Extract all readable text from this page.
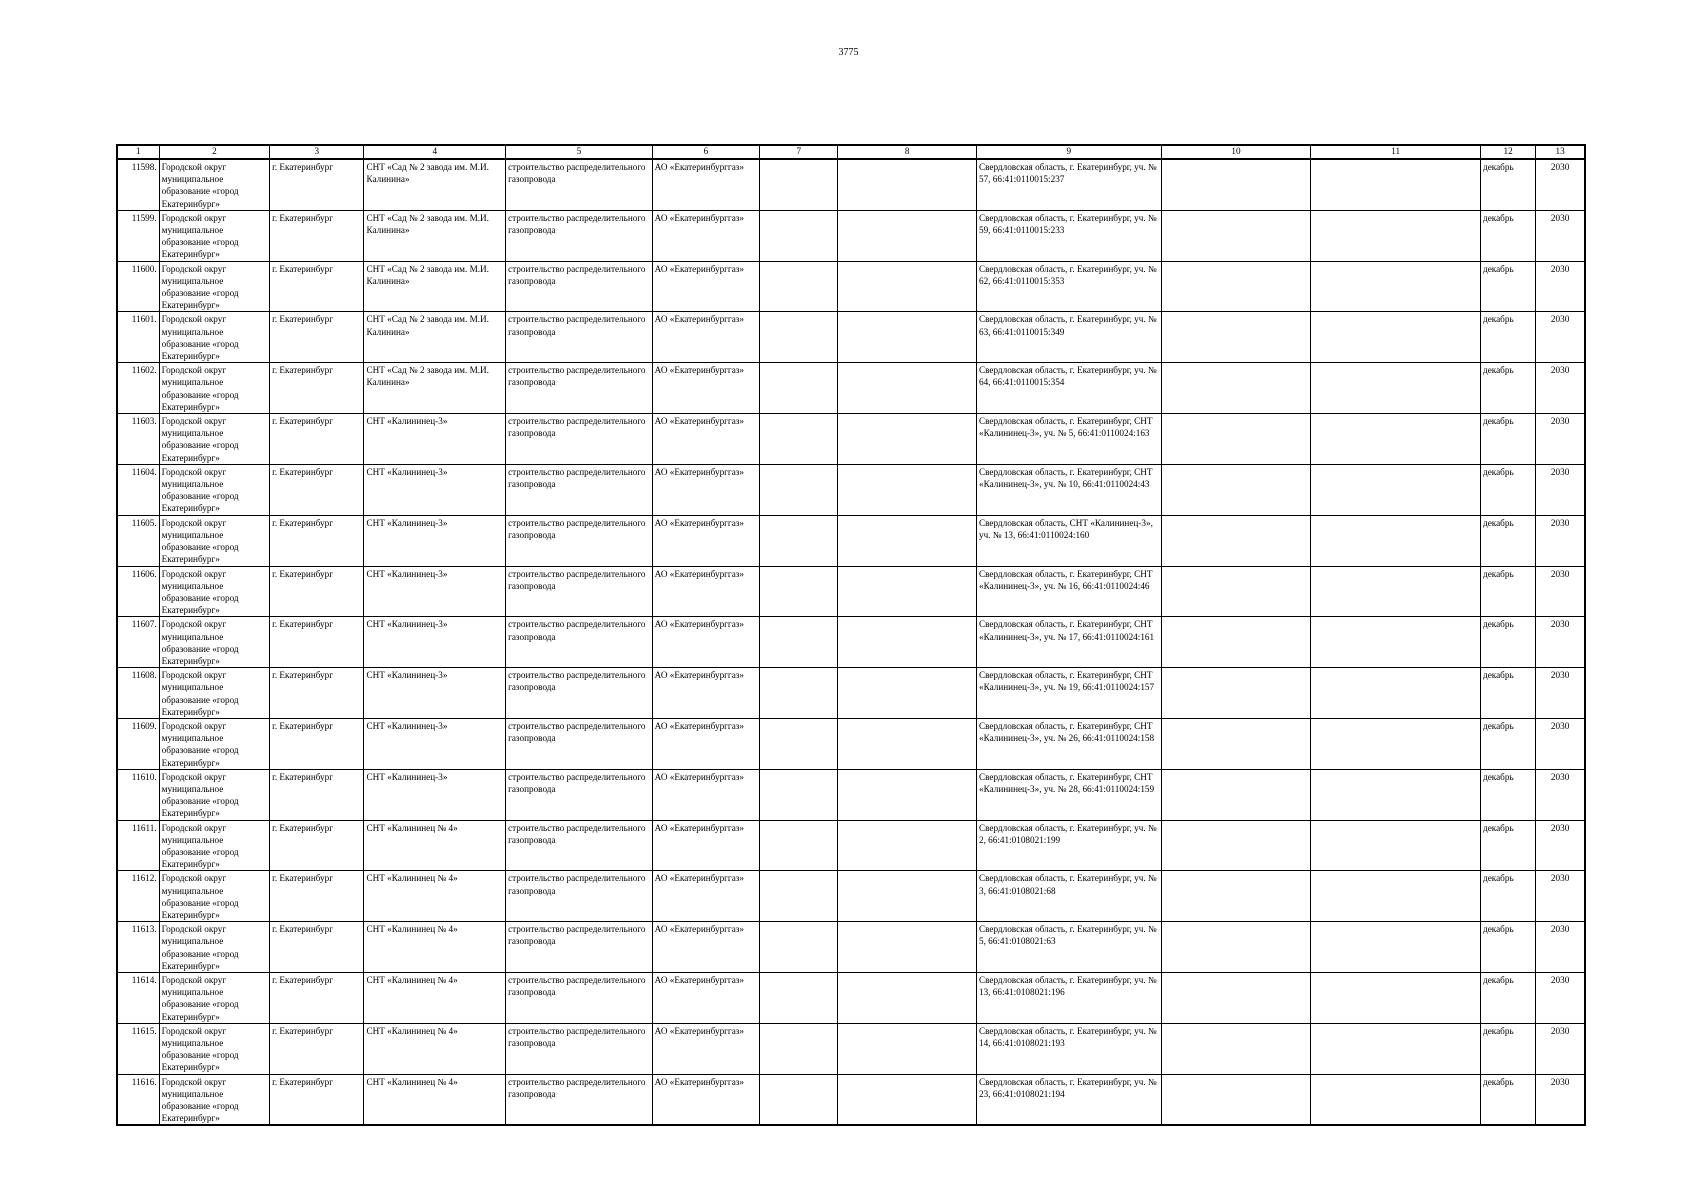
3775
1	2	3	4	5	6	7	8	9	10	11	12	13
11598.	Городской округ муниципальное образование «город Екатеринбург»	г. Екатеринбург	СНТ «Сад № 2 завода им. М.И. Калинина»	строительство распределительного газопровода	АО «Екатеринбурггаз»			Свердловская область, г. Екатеринбург, уч. № 57, 66:41:0110015:237			декабрь	2030
11599.	Городской округ муниципальное образование «город Екатеринбург»	г. Екатеринбург	СНТ «Сад № 2 завода им. М.И. Калинина»	строительство распределительного газопровода	АО «Екатеринбурггаз»			Свердловская область, г. Екатеринбург, уч. № 59, 66:41:0110015:233			декабрь	2030
11600.	Городской округ муниципальное образование «город Екатеринбург»	г. Екатеринбург	СНТ «Сад № 2 завода им. М.И. Калинина»	строительство распределительного газопровода	АО «Екатеринбурггаз»			Свердловская область, г. Екатеринбург, уч. № 62, 66:41:0110015:353			декабрь	2030
11601.	Городской округ муниципальное образование «город Екатеринбург»	г. Екатеринбург	СНТ «Сад № 2 завода им. М.И. Калинина»	строительство распределительного газопровода	АО «Екатеринбурггаз»			Свердловская область, г. Екатеринбург, уч. № 63, 66:41:0110015:349			декабрь	2030
11602.	Городской округ муниципальное образование «город Екатеринбург»	г. Екатеринбург	СНТ «Сад № 2 завода им. М.И. Калинина»	строительство распределительного газопровода	АО «Екатеринбурггаз»			Свердловская область, г. Екатеринбург, уч. № 64, 66:41:0110015:354			декабрь	2030
11603.	Городской округ муниципальное образование «город Екатеринбург»	г. Екатеринбург	СНТ «Калининец-3»	строительство распределительного газопровода	АО «Екатеринбурггаз»			Свердловская область, г. Екатеринбург, СНТ «Калининец-3», уч. № 5, 66:41:0110024:163			декабрь	2030
11604.	Городской округ муниципальное образование «город Екатеринбург»	г. Екатеринбург	СНТ «Калининец-3»	строительство распределительного газопровода	АО «Екатеринбурггаз»			Свердловская область, г. Екатеринбург, СНТ «Калининец-3», уч. № 10, 66:41:0110024:43			декабрь	2030
11605.	Городской округ муниципальное образование «город Екатеринбург»	г. Екатеринбург	СНТ «Калининец-3»	строительство распределительного газопровода	АО «Екатеринбурггаз»			Свердловская область, СНТ «Калининец-3», уч. № 13, 66:41:0110024:160			декабрь	2030
11606.	Городской округ муниципальное образование «город Екатеринбург»	г. Екатеринбург	СНТ «Калининец-3»	строительство распределительного газопровода	АО «Екатеринбурггаз»			Свердловская область, г. Екатеринбург, СНТ «Калининец-3», уч. № 16, 66:41:0110024:46			декабрь	2030
11607.	Городской округ муниципальное образование «город Екатеринбург»	г. Екатеринбург	СНТ «Калининец-3»	строительство распределительного газопровода	АО «Екатеринбурггаз»			Свердловская область, г. Екатеринбург, СНТ «Калининец-3», уч. № 17, 66:41:0110024:161			декабрь	2030
11608.	Городской округ муниципальное образование «город Екатеринбург»	г. Екатеринбург	СНТ «Калининец-3»	строительство распределительного газопровода	АО «Екатеринбурггаз»			Свердловская область, г. Екатеринбург, СНТ «Калининец-3», уч. № 19, 66:41:0110024:157			декабрь	2030
11609.	Городской округ муниципальное образование «город Екатеринбург»	г. Екатеринбург	СНТ «Калининец-3»	строительство распределительного газопровода	АО «Екатеринбурггаз»			Свердловская область, г. Екатеринбург, СНТ «Калининец-3», уч. № 26, 66:41:0110024:158			декабрь	2030
11610.	Городской округ муниципальное образование «город Екатеринбург»	г. Екатеринбург	СНТ «Калининец-3»	строительство распределительного газопровода	АО «Екатеринбурггаз»			Свердловская область, г. Екатеринбург, СНТ «Калининец-3», уч. № 28, 66:41:0110024:159			декабрь	2030
11611.	Городской округ муниципальное образование «город Екатеринбург»	г. Екатеринбург	СНТ «Калининец № 4»	строительство распределительного газопровода	АО «Екатеринбурггаз»			Свердловская область, г. Екатеринбург, уч. № 2, 66:41:0108021:199			декабрь	2030
11612.	Городской округ муниципальное образование «город Екатеринбург»	г. Екатеринбург	СНТ «Калининец № 4»	строительство распределительного газопровода	АО «Екатеринбурггаз»			Свердловская область, г. Екатеринбург, уч. № 3, 66:41:0108021:68			декабрь	2030
11613.	Городской округ муниципальное образование «город Екатеринбург»	г. Екатеринбург	СНТ «Калининец № 4»	строительство распределительного газопровода	АО «Екатеринбурггаз»			Свердловская область, г. Екатеринбург, уч. № 5, 66:41:0108021:63			декабрь	2030
11614.	Городской округ муниципальное образование «город Екатеринбург»	г. Екатеринбург	СНТ «Калининец № 4»	строительство распределительного газопровода	АО «Екатеринбурггаз»			Свердловская область, г. Екатеринбург, уч. № 13, 66:41:0108021:196			декабрь	2030
11615.	Городской округ муниципальное образование «город Екатеринбург»	г. Екатеринбург	СНТ «Калининец № 4»	строительство распределительного газопровода	АО «Екатеринбурггаз»			Свердловская область, г. Екатеринбург, уч. № 14, 66:41:0108021:193			декабрь	2030
11616.	Городской округ муниципальное образование «город Екатеринбург»	г. Екатеринбург	СНТ «Калининец № 4»	строительство распределительного газопровода	АО «Екатеринбурггаз»			Свердловская область, г. Екатеринбург, уч. № 23, 66:41:0108021:194			декабрь	2030
